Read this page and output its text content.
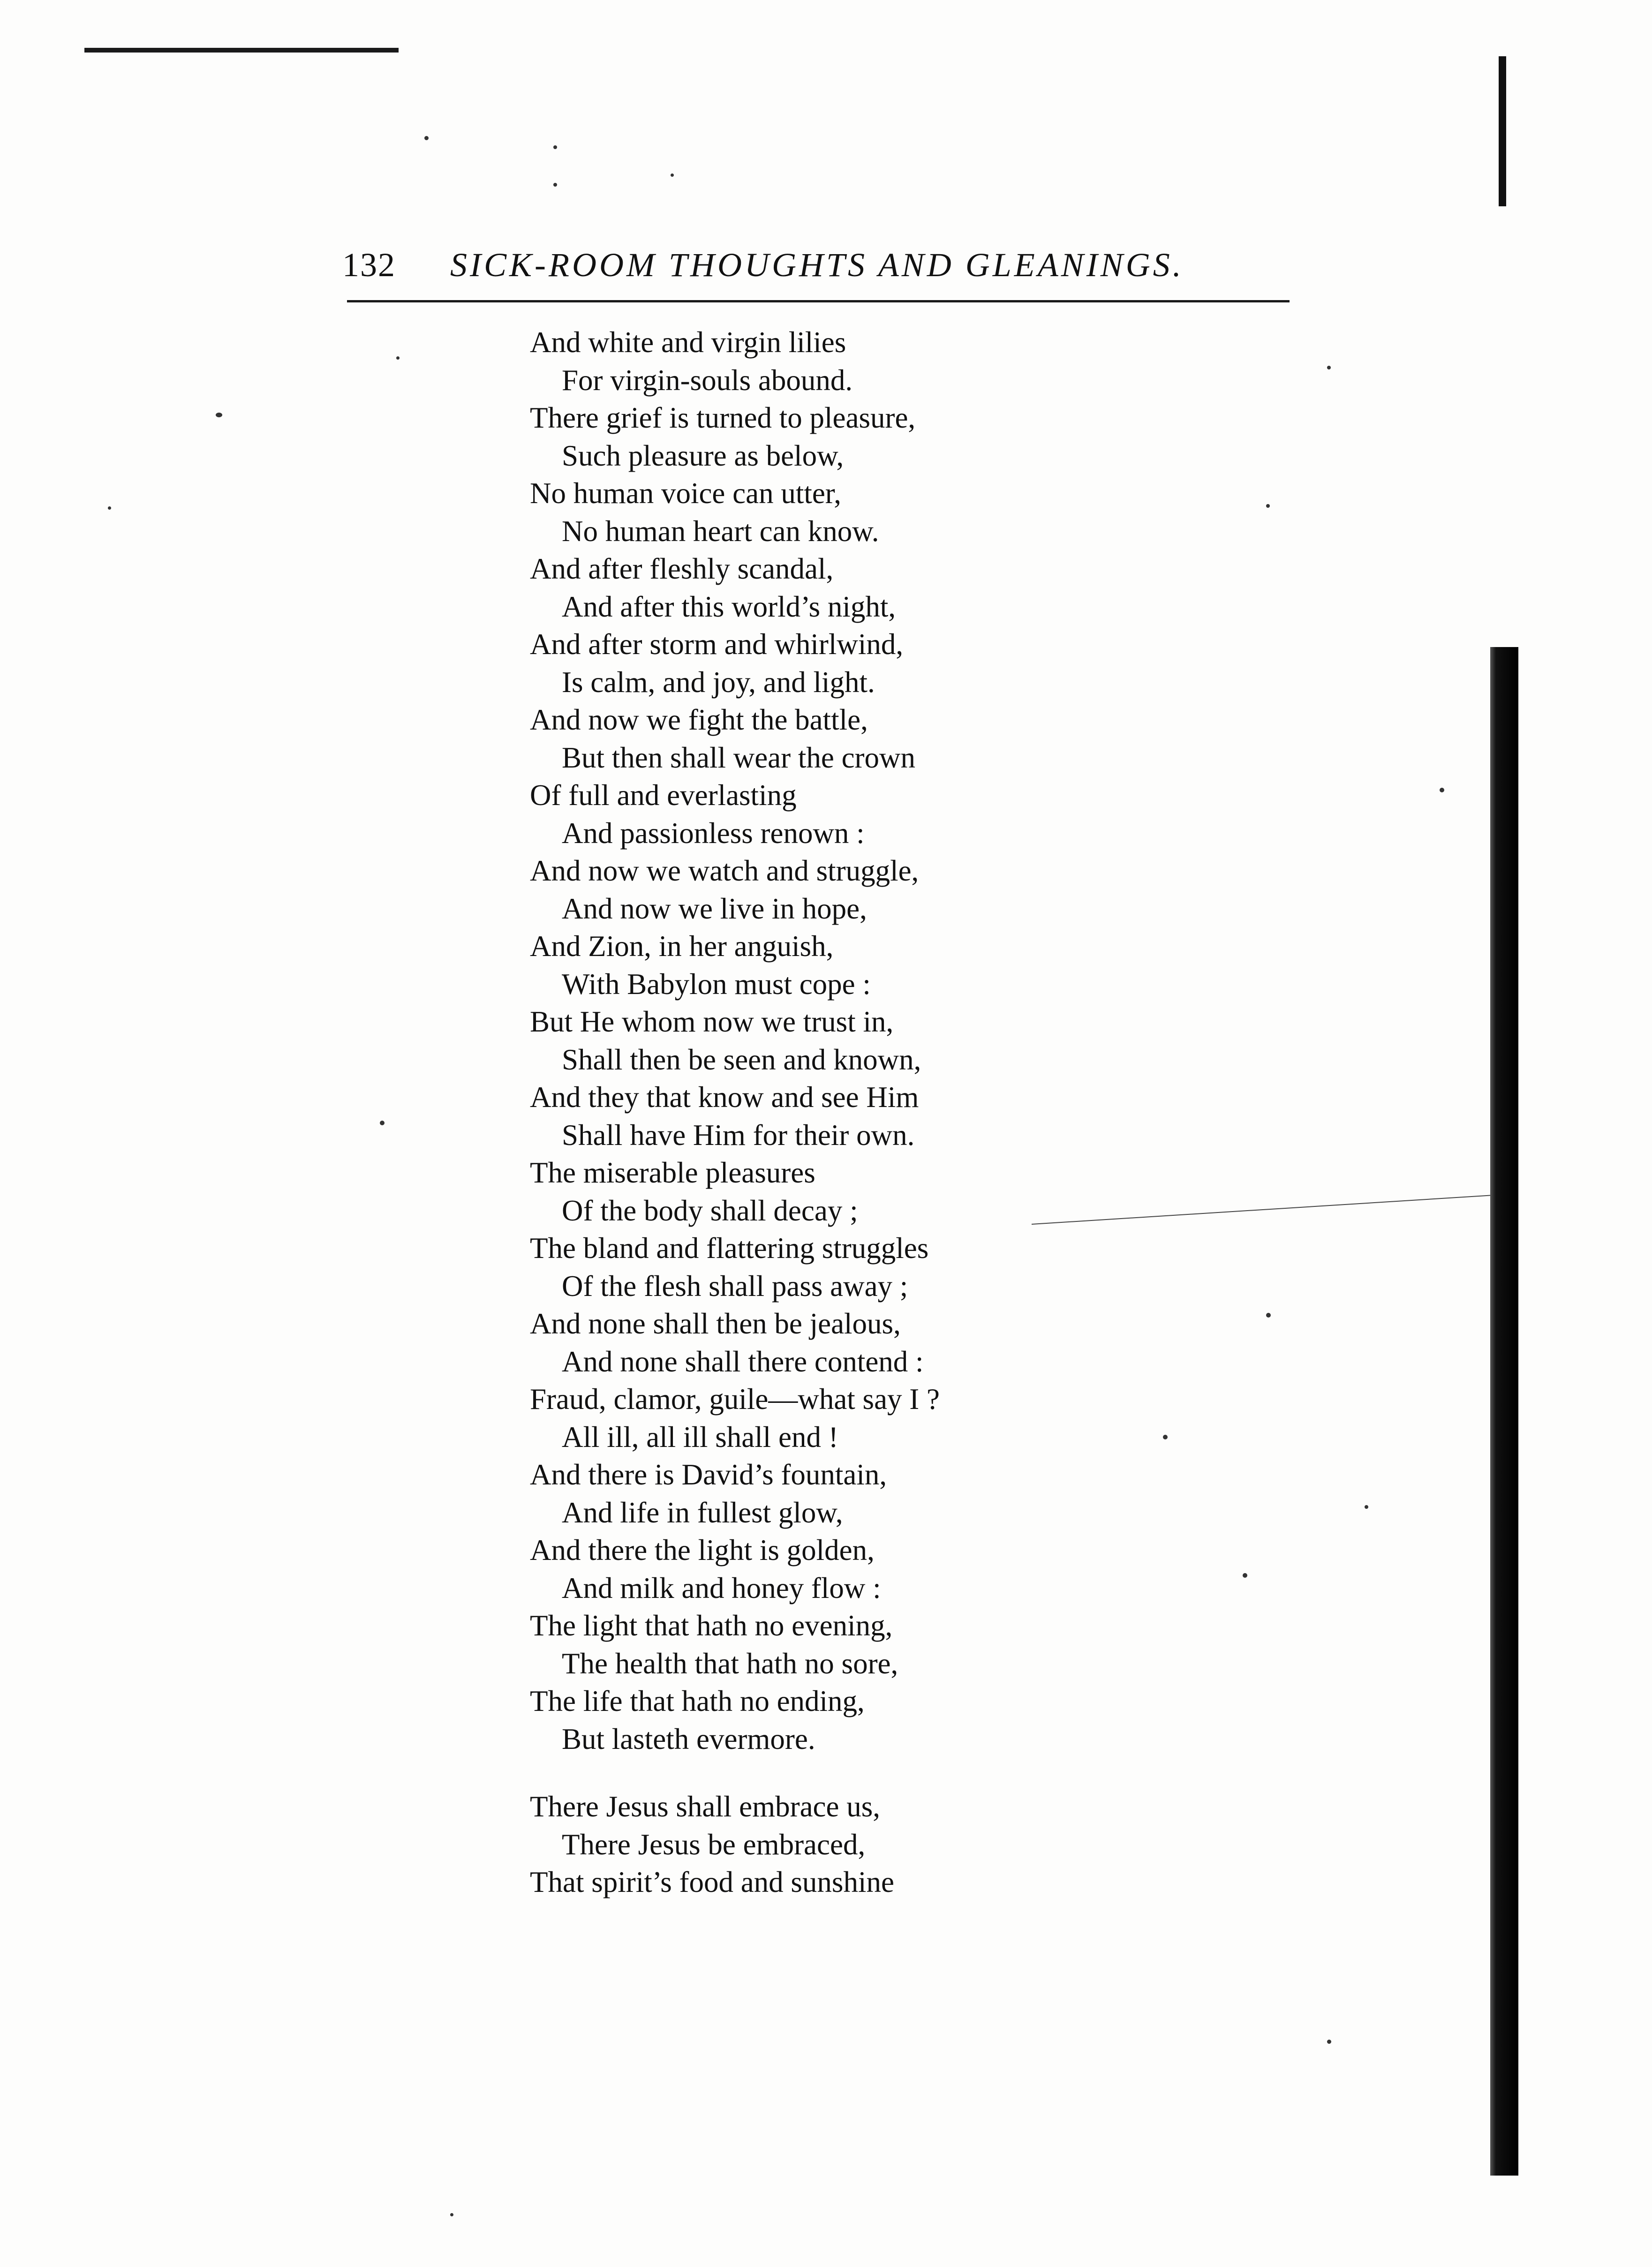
132 SICK-ROOM THOUGHTS AND GLEANINGS.
And white and virgin lilies
For virgin-souls abound.
There grief is turned to pleasure,
Such pleasure as below,
No human voice can utter,
No human heart can know.
And after fleshly scandal,
And after this world’s night,
And after storm and whirlwind,
Is calm, and joy, and light.
And now we fight the battle,
But then shall wear the crown
Of full and everlasting
And passionless renown :
And now we watch and struggle,
And now we live in hope,
And Zion, in her anguish,
With Babylon must cope :
But He whom now we trust in,
Shall then be seen and known,
And they that know and see Him
Shall have Him for their own.
The miserable pleasures
Of the body shall decay ;
The bland and flattering struggles
Of the flesh shall pass away ;
And none shall then be jealous,
And none shall there contend :
Fraud, clamor, guile—what say I ?
All ill, all ill shall end !
And there is David’s fountain,
And life in fullest glow,
And there the light is golden,
And milk and honey flow :
The light that hath no evening,
The health that hath no sore,
The life that hath no ending,
But lasteth evermore.
There Jesus shall embrace us,
There Jesus be embraced,
That spirit’s food and sunshine
